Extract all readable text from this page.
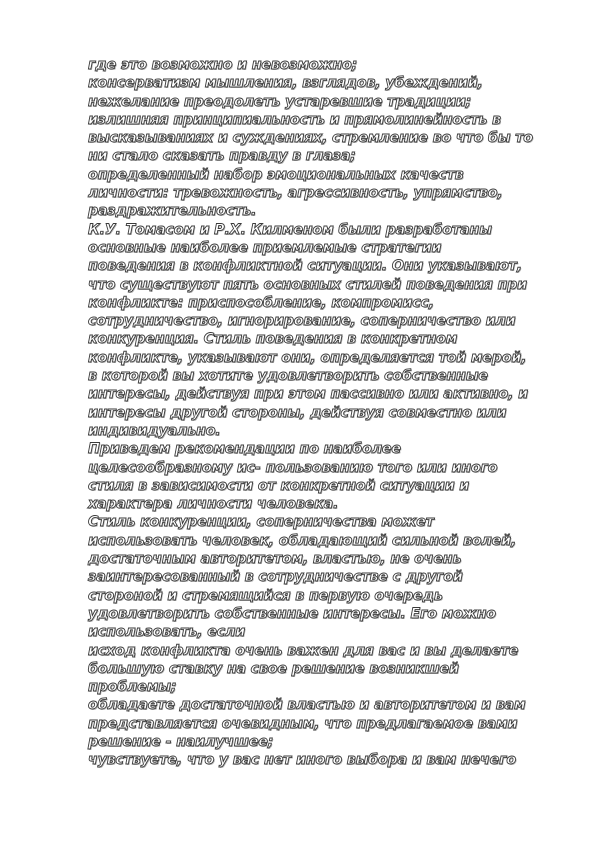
где это возможно и невозможно;
консерватизм мышления, взглядов, убеждений,
нежелание преодолеть устаревшие традиции;
излишняя принципиальность и прямолинейность в
высказываниях и суждениях, стремление во что бы то
ни стало сказать правду в глаза;
определенный набор эмоциональных качеств
личности: тревожность, агрессивность, упрямство,
раздражительность.
К.У. Томасом и Р.Х. Килменом были разработаны
основные наиболее приемлемые стратегии
поведения в конфликтной ситуации. Они указывают,
что существуют пять основных стилей поведения при
конфликте: приспособление, компромисс,
сотрудничество, игнорирование, соперничество или
конкуренция. Стиль поведения в конкретном
конфликте, указывают они, определяется той мерой,
в которой вы хотите удовлетворить собственные
интересы, действуя при этом пассивно или активно, и
интересы другой стороны, действуя совместно или
индивидуально.
Приведем рекомендации по наиболее
целесообразному ис- пользованию того или иного
стиля в зависимости от конкретной ситуации и
характера личности человека.
Стиль конкуренции, соперничества может
использовать человек, обладающий сильной волей,
достаточным авторитетом, властью, не очень
заинтересованный в сотрудничестве с другой
стороной и стремящийся в первую очередь
удовлетворить собственные интересы. Его можно
использовать, если
исход конфликта очень важен для вас и вы делаете
большую ставку на свое решение возникшей
проблемы;
обладаете достаточной властью и авторитетом и вам
представляется очевидным, что предлагаемое вами
решение - наилучшее;
чувствуете, что у вас нет иного выбора и вам нечего
